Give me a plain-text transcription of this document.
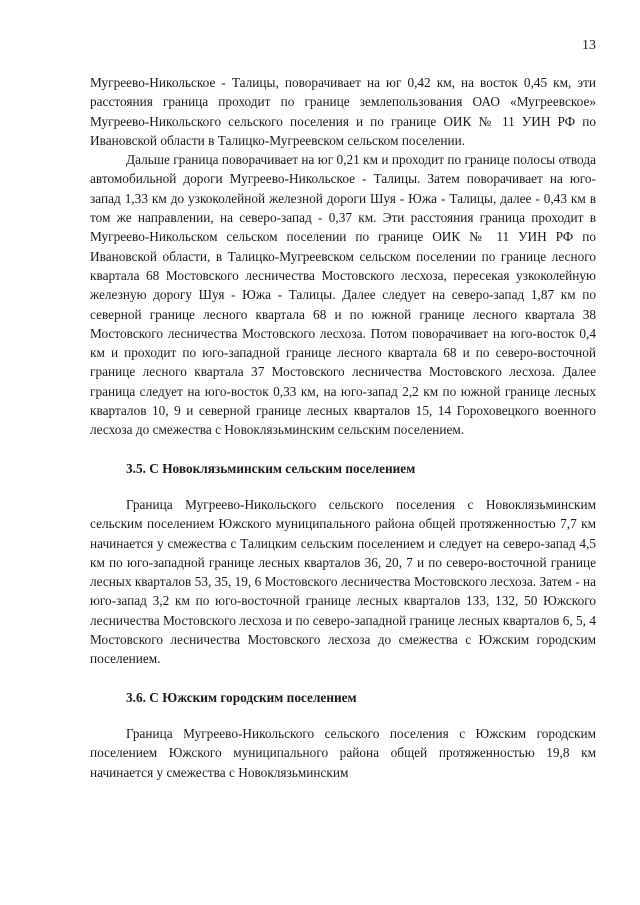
13

Мугреево-Никольское - Талицы, поворачивает на юг 0,42 км, на восток 0,45 км, эти расстояния граница проходит по границе землепользования ОАО «Мугреевское» Мугреево-Никольского сельского поселения и по границе ОИК № 11 УИН РФ по Ивановской области в Талицко-Мугреевском сельском поселении.

Дальше граница поворачивает на юг 0,21 км и проходит по границе полосы отвода автомобильной дороги Мугреево-Никольское - Талицы. Затем поворачивает на юго-запад 1,33 км до узкоколейной железной дороги Шуя - Южа - Талицы, далее - 0,43 км в том же направлении, на северо-запад - 0,37 км. Эти расстояния граница проходит в Мугреево-Никольском сельском поселении по границе ОИК № 11 УИН РФ по Ивановской области, в Талицко-Мугреевском сельском поселении по границе лесного квартала 68 Мостовского лесничества Мостовского лесхоза, пересекая узкоколейную железную дорогу Шуя - Южа - Талицы. Далее следует на северо-запад 1,87 км по северной границе лесного квартала 68 и по южной границе лесного квартала 38 Мостовского лесничества Мостовского лесхоза. Потом поворачивает на юго-восток 0,4 км и проходит по юго-западной границе лесного квартала 68 и по северо-восточной границе лесного квартала 37 Мостовского лесничества Мостовского лесхоза. Далее граница следует на юго-восток 0,33 км, на юго-запад 2,2 км по южной границе лесных кварталов 10, 9 и северной границе лесных кварталов 15, 14 Гороховецкого военного лесхоза до смежества с Новоклязьминским сельским поселением.

3.5. С Новоклязьминским сельским поселением

Граница Мугреево-Никольского сельского поселения с Новоклязьминским сельским поселением Южского муниципального района общей протяженностью 7,7 км начинается у смежества с Талицким сельским поселением и следует на северо-запад 4,5 км по юго-западной границе лесных кварталов 36, 20, 7 и по северо-восточной границе лесных кварталов 53, 35, 19, 6 Мостовского лесничества Мостовского лесхоза. Затем - на юго-запад 3,2 км по юго-восточной границе лесных кварталов 133, 132, 50 Южского лесничества Мостовского лесхоза и по северо-западной границе лесных кварталов 6, 5, 4 Мостовского лесничества Мостовского лесхоза до смежества с Южским городским поселением.

3.6. С Южским городским поселением

Граница Мугреево-Никольского сельского поселения с Южским городским поселением Южского муниципального района общей протяженностью 19,8 км начинается у смежества с Новоклязьминским
